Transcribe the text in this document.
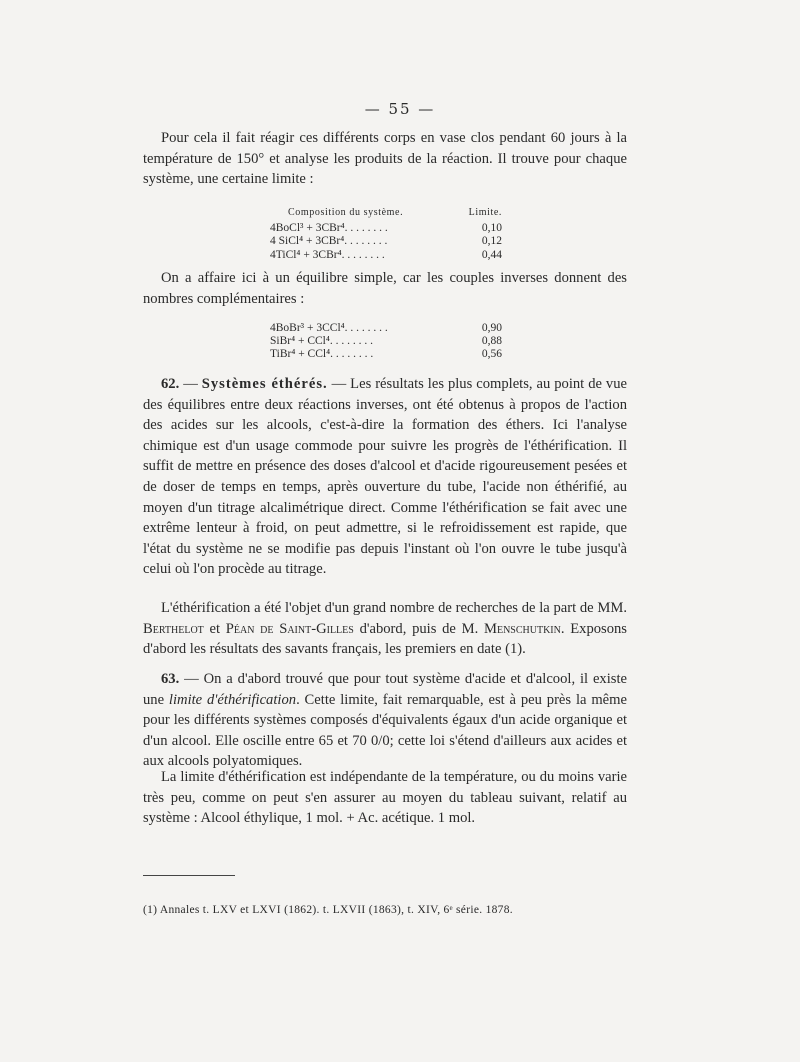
— 55 —

Pour cela il fait réagir ces différents corps en vase clos pendant 60 jours à la température de 150° et analyse les produits de la réaction. Il trouve pour chaque système, une certaine limite :

Composition du système.	Limite.
4BoCl³ + 3CBr⁴. . . . . . . .	0,10
4 SiCl⁴ + 3CBr⁴. . . . . . . .	0,12
4TiCl⁴ + 3CBr⁴. . . . . . . .	0,44

On a affaire ici à un équilibre simple, car les couples inverses donnent des nombres complémentaires :

4BoBr³ + 3CCl⁴. . . . . . . .	0,90
SiBr⁴ + CCl⁴. . . . . . . .	0,88
TiBr⁴ + CCl⁴. . . . . . . .	0,56

62. — Systèmes éthérés. — Les résultats les plus complets, au point de vue des équilibres entre deux réactions inverses, ont été obtenus à propos de l'action des acides sur les alcools, c'est-à-dire la formation des éthers. Ici l'analyse chimique est d'un usage commode pour suivre les progrès de l'éthérification. Il suffit de mettre en présence des doses d'alcool et d'acide rigoureusement pesées et de doser de temps en temps, après ouverture du tube, l'acide non éthérifié, au moyen d'un titrage alcalimétrique direct. Comme l'éthérification se fait avec une extrême lenteur à froid, on peut admettre, si le refroidissement est rapide, que l'état du système ne se modifie pas depuis l'instant où l'on ouvre le tube jusqu'à celui où l'on procède au titrage.

L'éthérification a été l'objet d'un grand nombre de recherches de la part de MM. Berthelot et Péan de Saint-Gilles d'abord, puis de M. Menschutkin. Exposons d'abord les résultats des savants français, les premiers en date (1).

63. — On a d'abord trouvé que pour tout système d'acide et d'alcool, il existe une limite d'éthérification. Cette limite, fait remarquable, est à peu près la même pour les différents systèmes composés d'équivalents égaux d'un acide organique et d'un alcool. Elle oscille entre 65 et 70 0/0; cette loi s'étend d'ailleurs aux acides et aux alcools polyatomiques.

La limite d'éthérification est indépendante de la température, ou du moins varie très peu, comme on peut s'en assurer au moyen du tableau suivant, relatif au système : Alcool éthylique, 1 mol. + Ac. acétique. 1 mol.

(1) Annales t. LXV et LXVI (1862). t. LXVII (1863), t. XIV, 6ᵉ série. 1878.
